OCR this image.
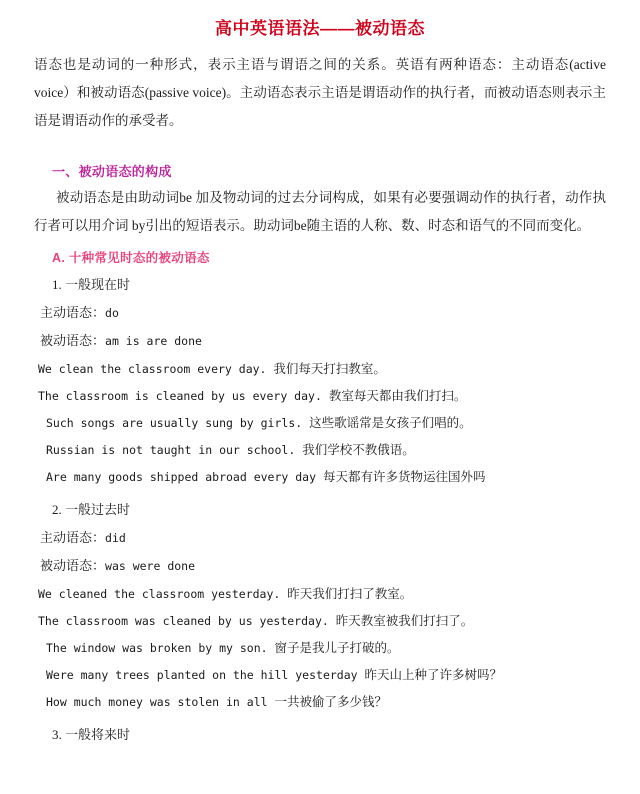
高中英语语法——被动语态

语态也是动词的一种形式，表示主语与谓语之间的关系。英语有两种语态：主动语态(active voice）和被动语态(passive voice)。主动语态表示主语是谓语动作的执行者，而被动语态则表示主语是谓语动作的承受者。

一、被动语态的构成

被动语态是由助动词be 加及物动词的过去分词构成，如果有必要强调动作的执行者，动作执行者可以用介词 by引出的短语表示。助动词be随主语的人称、数、时态和语气的不同而变化。

A. 十种常见时态的被动语态
1. 一般现在时
主动语态：do
被动语态：am is are done
We clean the classroom every day. 我们每天打扫教室。
The classroom is cleaned by us every day. 教室每天都由我们打扫。
Such songs are usually sung by girls. 这些歌谣常是女孩子们唱的。
Russian is not taught in our school. 我们学校不教俄语。
Are many goods shipped abroad every day 每天都有许多货物运往国外吗
2. 一般过去时
主动语态：did
被动语态：was were done
We cleaned the classroom yesterday. 昨天我们打扫了教室。
The classroom was cleaned by us yesterday. 昨天教室被我们打扫了。
The window was broken by my son. 窗子是我儿子打破的。
Were many trees planted on the hill yesterday 昨天山上种了许多树吗？
How much money was stolen in all 一共被偷了多少钱？
3. 一般将来时
